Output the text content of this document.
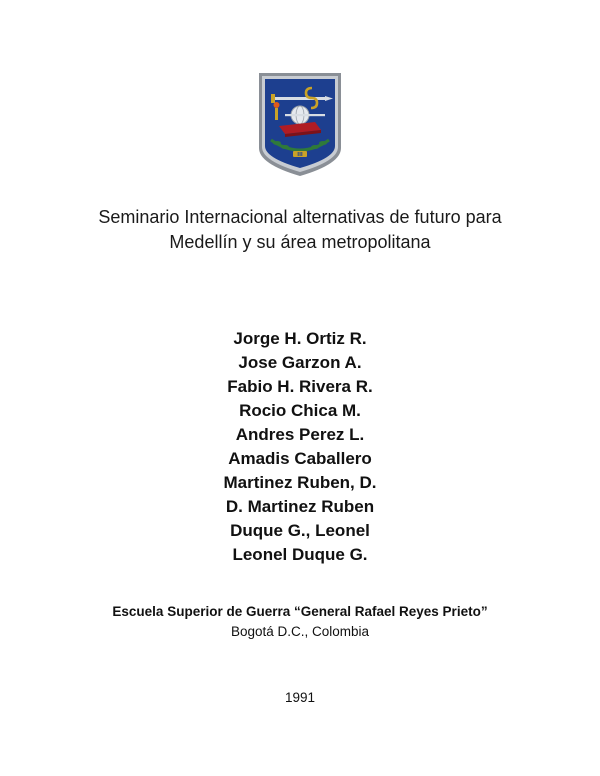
III
Seminario Internacional alternativas de futuro para
Medellín y su área metropolitana
Jorge H. Ortiz R.
Jose Garzon A.
Fabio H. Rivera R.
Rocio Chica M.
Andres Perez L.
Amadis Caballero
Martinez Ruben, D.
D. Martinez Ruben
Duque G., Leonel
Leonel Duque G.
Escuela Superior de Guerra “General Rafael Reyes Prieto”
Bogotá D.C., Colombia
1991
